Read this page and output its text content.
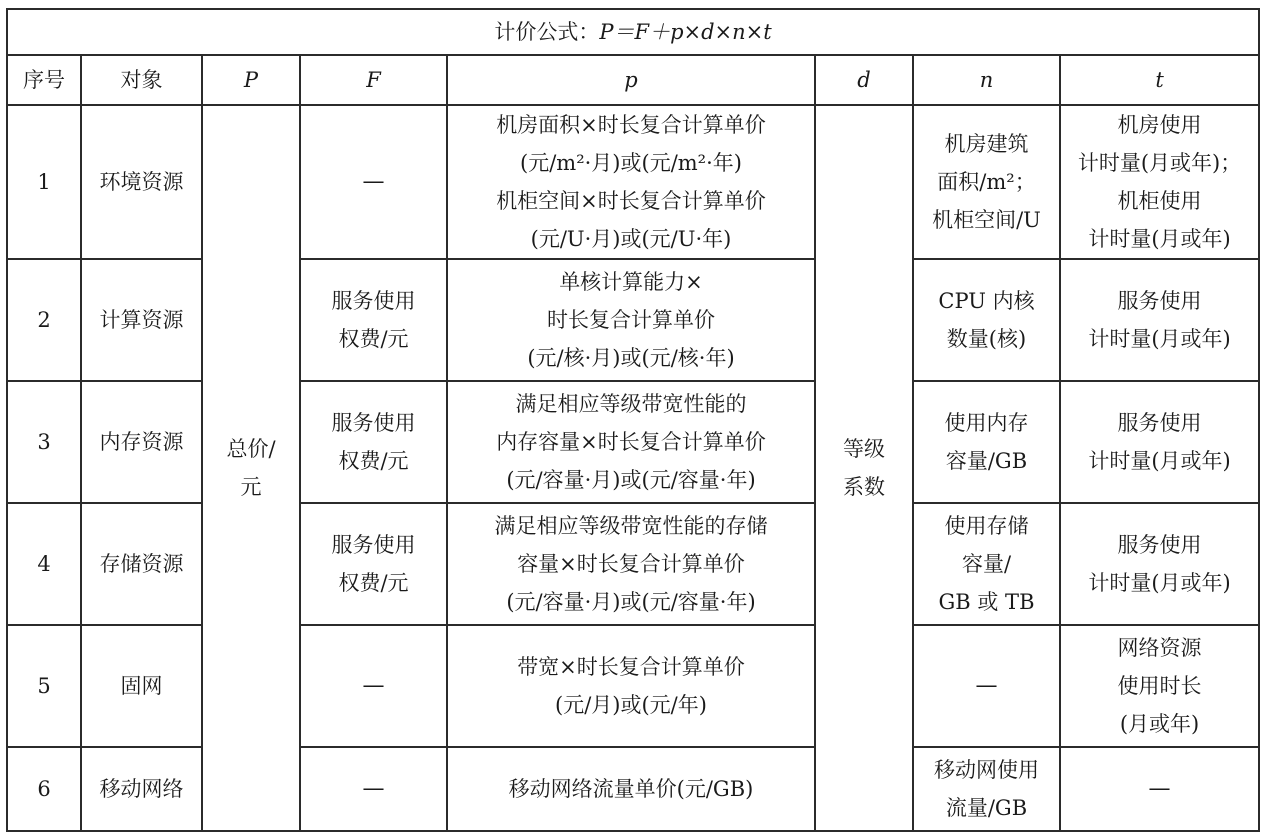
计价公式：P＝F＋p×d×n×t							
序号	对象	P	F	p	d	n	t
1	环境资源	总价/
元	—	机房面积×时长复合计算单价
(元/m²·月)或(元/m²·年)
机柜空间×时长复合计算单价
(元/U·月)或(元/U·年)	等级
系数	机房建筑
面积/m²；
机柜空间/U	机房使用
计时量(月或年)；
机柜使用
计时量(月或年)

2	计算资源		服务使用
权费/元	单核计算能力×
时长复合计算单价
(元/核·月)或(元/核·年)		CPU 内核
数量(核)	服务使用
计时量(月或年)

3	内存资源		服务使用
权费/元	满足相应等级带宽性能的
内存容量×时长复合计算单价
(元/容量·月)或(元/容量·年)		使用内存
容量/GB	服务使用
计时量(月或年)

4	存储资源		服务使用
权费/元	满足相应等级带宽性能的存储
容量×时长复合计算单价
(元/容量·月)或(元/容量·年)		使用存储
容量/
GB 或 TB	服务使用
计时量(月或年)

5	固网		—	带宽×时长复合计算单价
(元/月)或(元/年)		—	网络资源
使用时长
(月或年)

6	移动网络		—	移动网络流量单价(元/GB)		移动网使用
流量/GB	—
